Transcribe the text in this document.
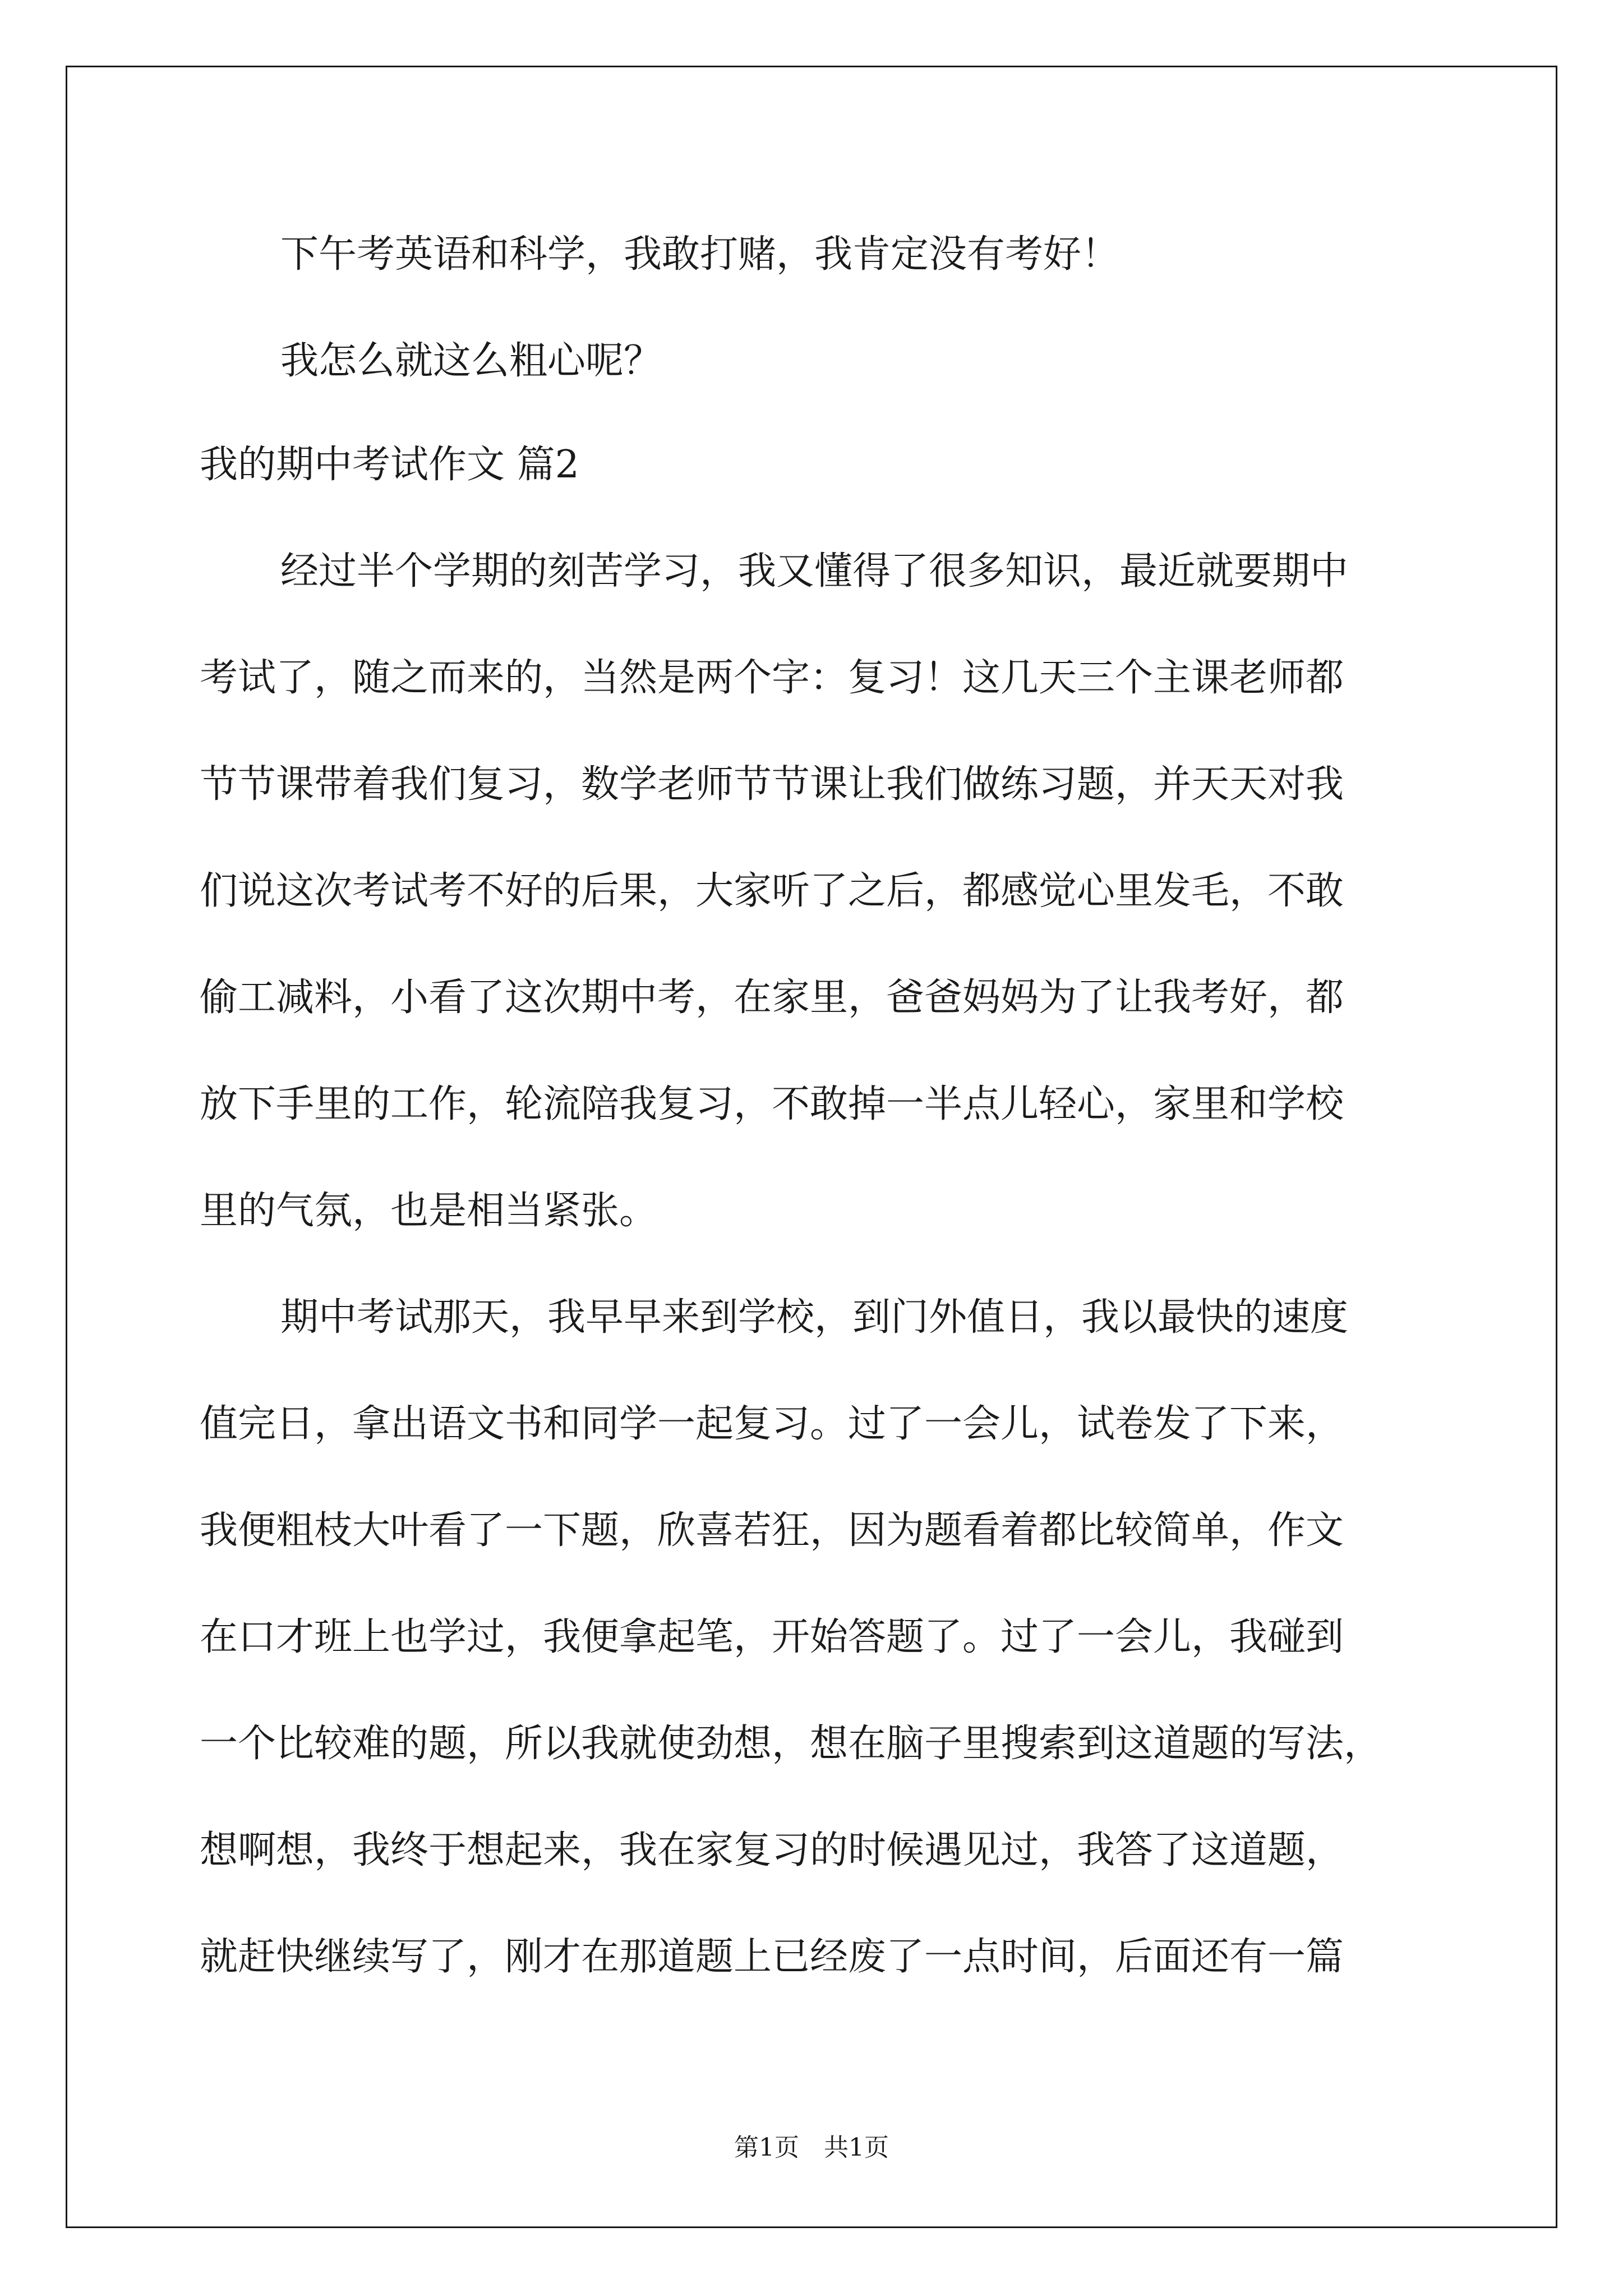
下午考英语和科学，我敢打赌，我肯定没有考好！

我怎么就这么粗心呢？

我的期中考试作文 篇2

经过半个学期的刻苦学习，我又懂得了很多知识，最近就要期中

考试了，随之而来的，当然是两个字：复习！这几天三个主课老师都

节节课带着我们复习，数学老师节节课让我们做练习题，并天天对我

们说这次考试考不好的后果，大家听了之后，都感觉心里发毛，不敢

偷工减料，小看了这次期中考，在家里，爸爸妈妈为了让我考好，都

放下手里的工作，轮流陪我复习，不敢掉一半点儿轻心，家里和学校

里的气氛，也是相当紧张。

期中考试那天，我早早来到学校，到门外值日，我以最快的速度

值完日，拿出语文书和同学一起复习。过了一会儿，试卷发了下来，

我便粗枝大叶看了一下题，欣喜若狂，因为题看着都比较简单，作文

在口才班上也学过，我便拿起笔，开始答题了。过了一会儿，我碰到

一个比较难的题，所以我就使劲想，想在脑子里搜索到这道题的写法，

想啊想，我终于想起来，我在家复习的时候遇见过，我答了这道题，

就赶快继续写了，刚才在那道题上已经废了一点时间，后面还有一篇

第1页　共1页
